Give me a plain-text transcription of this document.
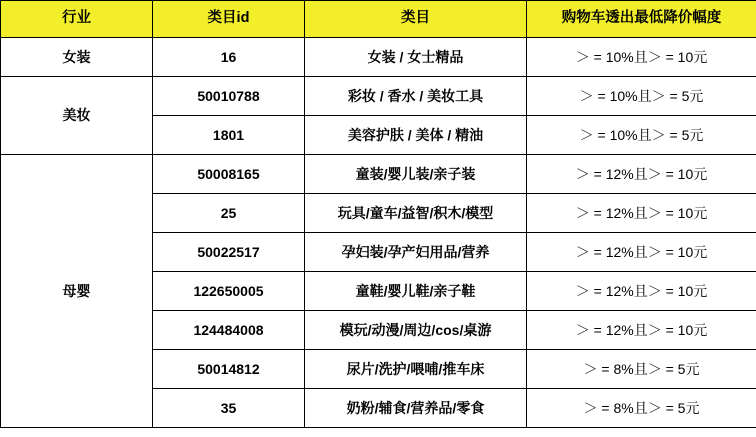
行业	类目id	类目	购物车透出最低降价幅度
女装	16	女装 / 女士精品	＞ = 10%且＞ = 10元
美妆	50010788	彩妆 / 香水 / 美妆工具	＞ = 10%且＞ = 5元
	1801	美容护肤 / 美体 / 精油	＞ = 10%且＞ = 5元
母婴	50008165	童装/婴儿装/亲子装	＞ = 12%且＞ = 10元
	25	玩具/童车/益智/积木/模型	＞ = 12%且＞ = 10元
	50022517	孕妇装/孕产妇用品/营养	＞ = 12%且＞ = 10元
	122650005	童鞋/婴儿鞋/亲子鞋	＞ = 12%且＞ = 10元
	124484008	模玩/动漫/周边/cos/桌游	＞ = 12%且＞ = 10元
	50014812	尿片/洗护/喂哺/推车床	＞ = 8%且＞ = 5元
	35	奶粉/辅食/营养品/零食	＞ = 8%且＞ = 5元
